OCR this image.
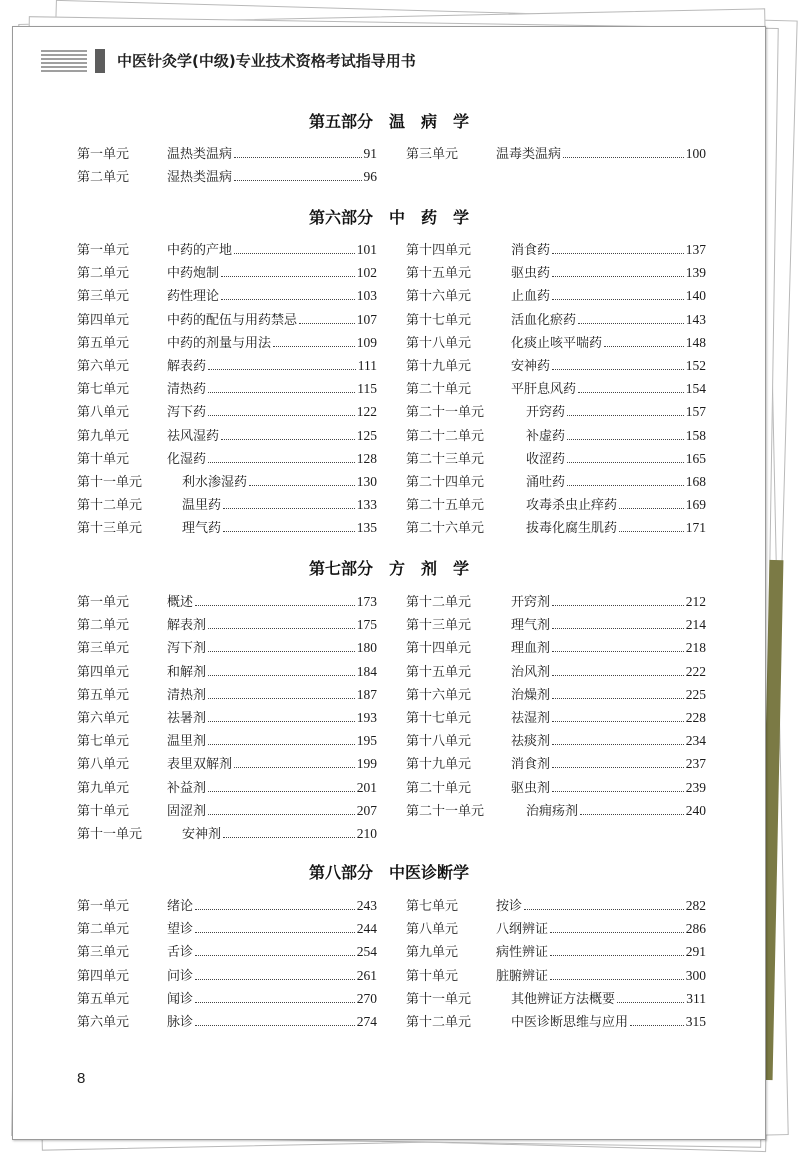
中医针灸学(中级)专业技术资格考试指导用书
第五部分　温　病　学
第一单元	温热类温病	91
第二单元	湿热类温病	96
第三单元	温毒类温病	100
第六部分　中　药　学
第一单元	中药的产地	101
第二单元	中药炮制	102
第三单元	药性理论	103
第四单元	中药的配伍与用药禁忌	107
第五单元	中药的剂量与用法	109
第六单元	解表药	111
第七单元	清热药	115
第八单元	泻下药	122
第九单元	祛风湿药	125
第十单元	化湿药	128
第十一单元	利水渗湿药	130
第十二单元	温里药	133
第十三单元	理气药	135
第十四单元	消食药	137
第十五单元	驱虫药	139
第十六单元	止血药	140
第十七单元	活血化瘀药	143
第十八单元	化痰止咳平喘药	148
第十九单元	安神药	152
第二十单元	平肝息风药	154
第二十一单元	开窍药	157
第二十二单元	补虚药	158
第二十三单元	收涩药	165
第二十四单元	涌吐药	168
第二十五单元	攻毒杀虫止痒药	169
第二十六单元	拔毒化腐生肌药	171
第七部分　方　剂　学
第一单元	概述	173
第二单元	解表剂	175
第三单元	泻下剂	180
第四单元	和解剂	184
第五单元	清热剂	187
第六单元	祛暑剂	193
第七单元	温里剂	195
第八单元	表里双解剂	199
第九单元	补益剂	201
第十单元	固涩剂	207
第十一单元	安神剂	210
第十二单元	开窍剂	212
第十三单元	理气剂	214
第十四单元	理血剂	218
第十五单元	治风剂	222
第十六单元	治燥剂	225
第十七单元	祛湿剂	228
第十八单元	祛痰剂	234
第十九单元	消食剂	237
第二十单元	驱虫剂	239
第二十一单元	治痈疡剂	240
第八部分　中医诊断学
第一单元	绪论	243
第二单元	望诊	244
第三单元	舌诊	254
第四单元	问诊	261
第五单元	闻诊	270
第六单元	脉诊	274
第七单元	按诊	282
第八单元	八纲辨证	286
第九单元	病性辨证	291
第十单元	脏腑辨证	300
第十一单元	其他辨证方法概要	311
第十二单元	中医诊断思维与应用	315
8
